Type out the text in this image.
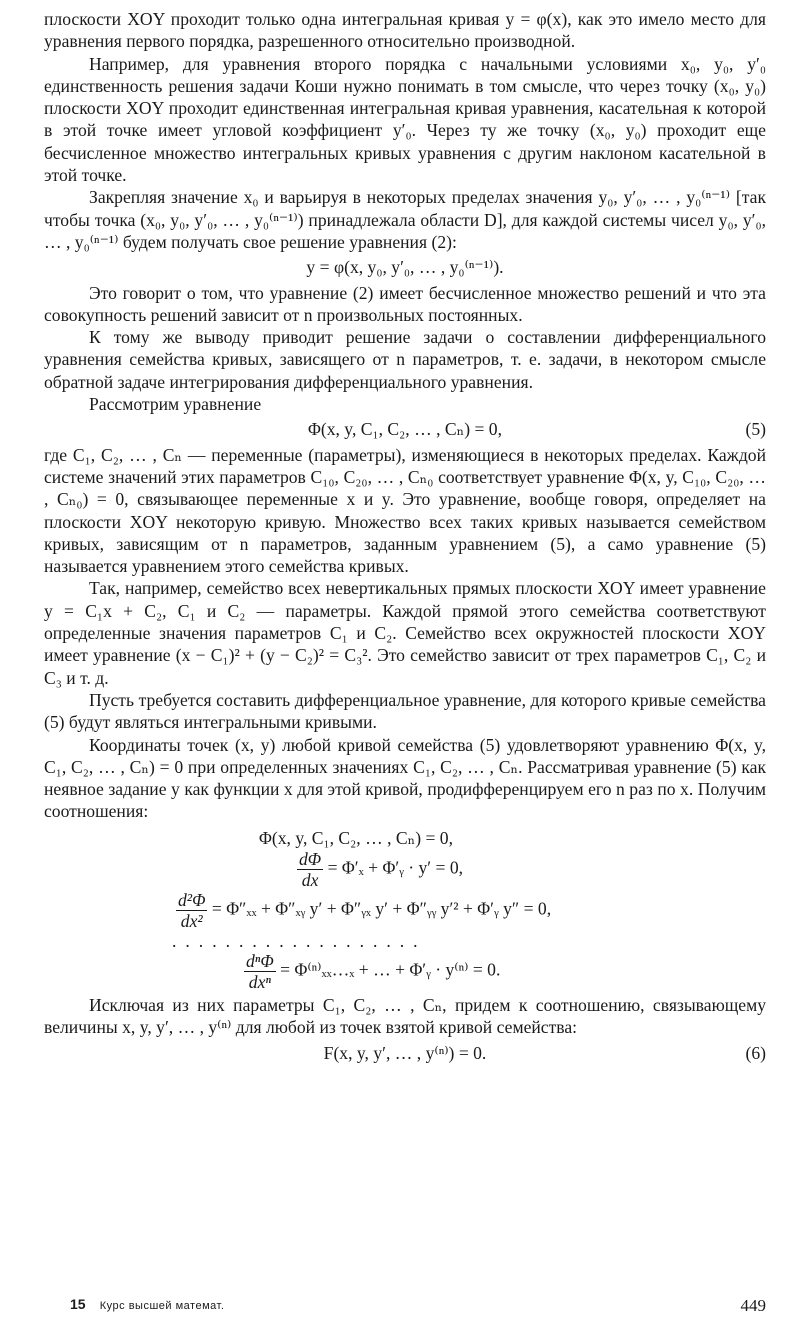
плоскости XOY проходит только одна интегральная кривая y = φ(x), как это имело место для уравнения первого порядка, разрешенного относительно производной.

Например, для уравнения второго порядка с начальными условиями x₀, y₀, y′₀ единственность решения задачи Коши нужно понимать в том смысле, что через точку (x₀, y₀) плоскости XOY проходит единственная интегральная кривая уравнения, касательная к которой в этой точке имеет угловой коэффициент y′₀. Через ту же точку (x₀, y₀) проходит еще бесчисленное множество интегральных кривых уравнения с другим наклоном касательной в этой точке.

Закрепляя значение x₀ и варьируя в некоторых пределах значения y₀, y′₀, … , y₀⁽ⁿ⁻¹⁾ [так чтобы точка (x₀, y₀, y′₀, … , y₀⁽ⁿ⁻¹⁾) принадлежала области D], для каждой системы чисел y₀, y′₀, … , y₀⁽ⁿ⁻¹⁾ будем получать свое решение уравнения (2):

y = φ(x, y₀, y′₀, … , y₀⁽ⁿ⁻¹⁾).

Это говорит о том, что уравнение (2) имеет бесчисленное множество решений и что эта совокупность решений зависит от n произвольных постоянных.

К тому же выводу приводит решение задачи о составлении дифференциального уравнения семейства кривых, зависящего от n параметров, т. е. задачи, в некотором смысле обратной задаче интегрирования дифференциального уравнения.

Рассмотрим уравнение

Φ(x, y, C₁, C₂, … , Cₙ) = 0,	(5)

где C₁, C₂, … , Cₙ — переменные (параметры), изменяющиеся в некоторых пределах. Каждой системе значений этих параметров C₁₀, C₂₀, … , Cₙ₀ соответствует уравнение Φ(x, y, C₁₀, C₂₀, … , Cₙ₀) = 0, связывающее переменные x и y. Это уравнение, вообще говоря, определяет на плоскости XOY некоторую кривую. Множество всех таких кривых называется семейством кривых, зависящим от n параметров, заданным уравнением (5), а само уравнение (5) называется уравнением этого семейства кривых.

Так, например, семейство всех невертикальных прямых плоскости XOY имеет уравнение y = C₁x + C₂, C₁ и C₂ — параметры. Каждой прямой этого семейства соответствуют определенные значения параметров C₁ и C₂. Семейство всех окружностей плоскости XOY имеет уравнение (x − C₁)² + (y − C₂)² = C₃². Это семейство зависит от трех параметров C₁, C₂ и C₃ и т. д.

Пусть требуется составить дифференциальное уравнение, для которого кривые семейства (5) будут являться интегральными кривыми.

Координаты точек (x, y) любой кривой семейства (5) удовлетворяют уравнению Φ(x, y, C₁, C₂, … , Cₙ) = 0 при определенных значениях C₁, C₂, … , Cₙ. Рассматривая уравнение (5) как неявное задание y как функции x для этой кривой, продифференцируем его n раз по x. Получим соотношения:

Φ(x, y, C₁, C₂, … , Cₙ) = 0,
$\frac{d\Phi}{dx} = \Phi'_x$ + Φ′ᵧ · y′ = 0,
$\frac{\text{d²Φ}}{\text{dx²}} = \Phi''_{xx}$ + Φ″ₓᵧ y′ + Φ″ᵧₓ y′ + Φ″ᵧᵧ y′² + Φ′ᵧ y″ = 0,
...................
$\frac{\text{dⁿΦ}}{\text{dxⁿ}}$ = Φ⁽ⁿ⁾ₓₓ…ₓ + … + Φ′ᵧ · y⁽ⁿ⁾ = 0.

Исключая из них параметры C₁, C₂, … , Cₙ, придем к соотношению, связывающему величины x, y, y′, … , y⁽ⁿ⁾ для любой из точек взятой кривой семейства:

F(x, y, y′, … , y⁽ⁿ⁾) = 0.	(6)
15 Курс высшей математ.	449
